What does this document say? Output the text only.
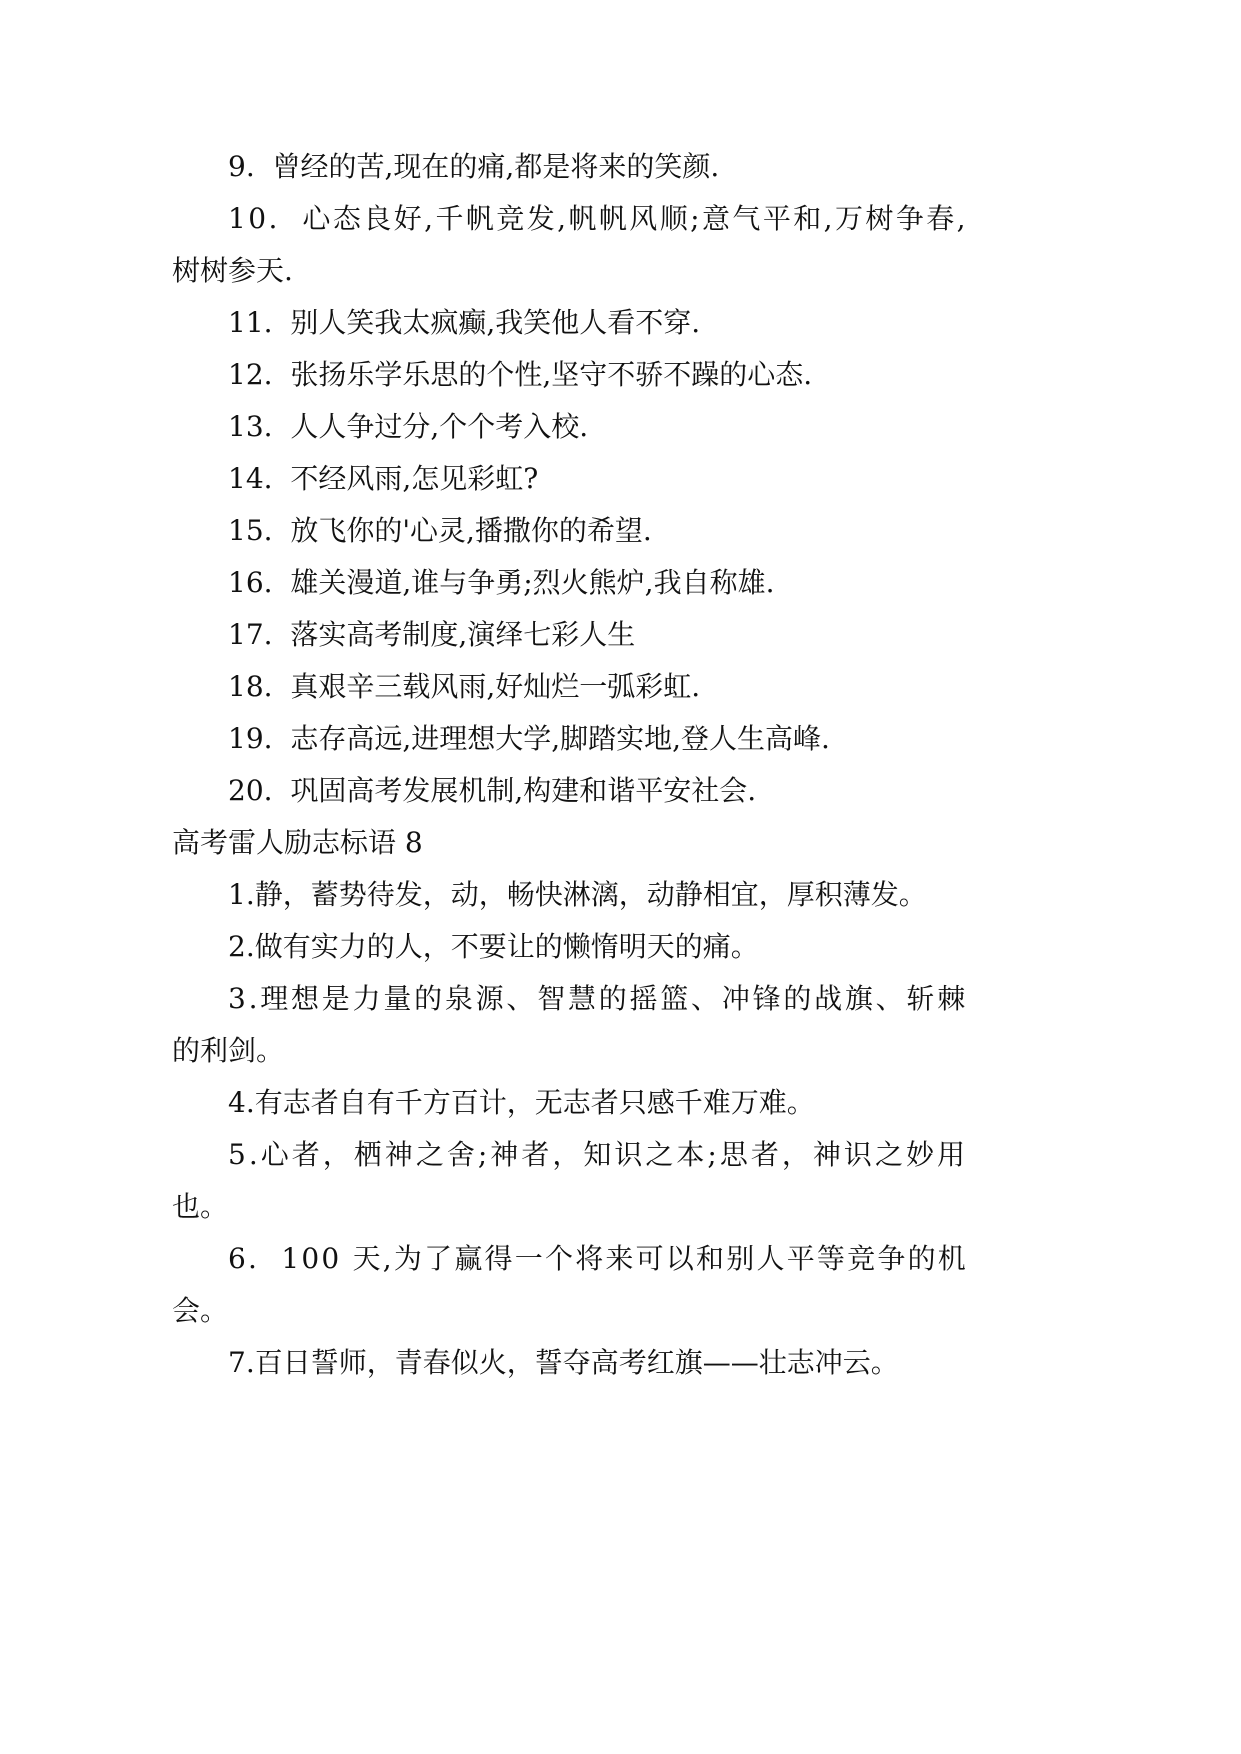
9.  曾经的苦,现在的痛,都是将来的笑颜.
10.  心态良好,千帆竞发,帆帆风顺;意气平和,万树争春,
树树参天.
11.  别人笑我太疯癫,我笑他人看不穿.
12.  张扬乐学乐思的个性,坚守不骄不躁的心态.
13.  人人争过分,个个考入校.
14.  不经风雨,怎见彩虹?
15.  放飞你的'心灵,播撒你的希望.
16.  雄关漫道,谁与争勇;烈火熊炉,我自称雄.
17.  落实高考制度,演绎七彩人生
18.  真艰辛三载风雨,好灿烂一弧彩虹.
19.  志存高远,进理想大学,脚踏实地,登人生高峰.
20.  巩固高考发展机制,构建和谐平安社会.
高考雷人励志标语 8
1.静，蓄势待发，动，畅快淋漓，动静相宜，厚积薄发。
2.做有实力的人，不要让的懒惰明天的痛。
3.理想是力量的泉源、智慧的摇篮、冲锋的战旗、斩棘
的利剑。
4.有志者自有千方百计，无志者只感千难万难。
5.心者，栖神之舍;神者，知识之本;思者，神识之妙用
也。
6.  100 天,为了赢得一个将来可以和别人平等竞争的机
会。
7.百日誓师，青春似火，誓夺高考红旗——壮志冲云。
